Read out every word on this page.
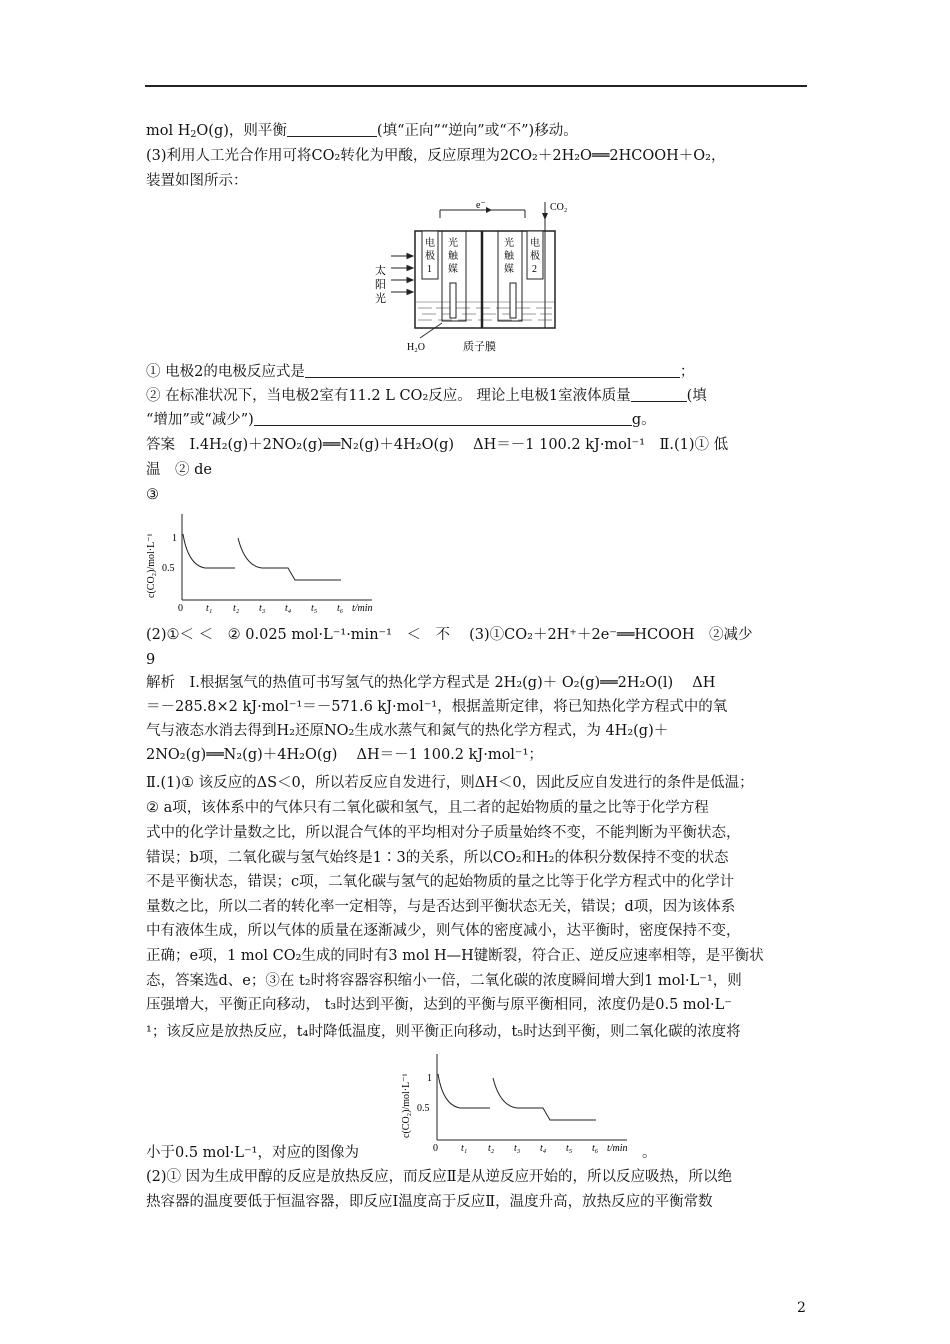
mol $H_2O(g)$，则平衡	(填“正向”“逆向”或“不”)移动。
(3)利用人工光合作用可将CO₂转化为甲酸，反应原理为2CO₂＋2H₂O══2HCOOH＋O₂，
装置如图所示：
e⁻	CO₂
电极 1
光触媒
光触媒
电极 2
太阳光
H₂O	质子膜
① 电极2的电极反应式是	；
② 在标准状况下，当电极2室有11.2 L CO₂反应。 理论上电极1室液体质量	(填
“增加”或“减少”)	g。
答案　Ⅰ.4H₂(g)＋2NO₂(g)══N₂(g)＋4H₂O(g)　 ΔH＝－1 100.2 kJ·mol⁻¹　Ⅱ.(1)① 低
温　② de
③
c(CO₂)/mol·L⁻¹ 1
0.5
0 t₁ t₂ t₃ t₄ t₅ t₆ t/min
(2)①＜ ＜　② 0.025 mol·L⁻¹·min⁻¹　＜　不　 (3)①CO₂＋2H⁺＋2e⁻══HCOOH　②减少
9
解析　Ⅰ.根据氢气的热值可书写氢气的热化学方程式是 2H₂(g)＋ O₂(g)══2H₂O(l)　 ΔH
＝－285.8×2 kJ·mol⁻¹＝－571.6 kJ·mol⁻¹，根据盖斯定律，将已知热化学方程式中的氧
气与液态水消去得到H₂还原NO₂生成水蒸气和氮气的热化学方程式，为 4H₂(g)＋
2NO₂(g)══N₂(g)＋4H₂O(g)　 ΔH＝－1 100.2 kJ·mol⁻¹；
Ⅱ.(1)① 该反应的ΔS＜0，所以若反应自发进行，则ΔH＜0，因此反应自发进行的条件是低温；
② a项，该体系中的气体只有二氧化碳和氢气，且二者的起始物质的量之比等于化学方程
式中的化学计量数之比，所以混合气体的平均相对分子质量始终不变，不能判断为平衡状态，
错误；b项，二氧化碳与氢气始终是1∶3的关系，所以CO₂和H₂的体积分数保持不变的状态
不是平衡状态，错误；c项，二氧化碳与氢气的起始物质的量之比等于化学方程式中的化学计
量数之比，所以二者的转化率一定相等，与是否达到平衡状态无关，错误；d项，因为该体系
中有液体生成，所以气体的质量在逐渐减少，则气体的密度减小，达平衡时，密度保持不变，
正确；e项，1 mol CO₂生成的同时有3 mol H—H键断裂，符合正、逆反应速率相等，是平衡状
态，答案选d、e；③在 t₂时将容器容积缩小一倍，二氧化碳的浓度瞬间增大到1 mol·L⁻¹，则
压强增大，平衡正向移动， t₃时达到平衡，达到的平衡与原平衡相同，浓度仍是0.5 mol·L⁻
¹；该反应是放热反应，t₄时降低温度，则平衡正向移动，t₅时达到平衡，则二氧化碳的浓度将
c(CO₂)/mol·L⁻¹ 1
0.5
0 t₁ t₂ t₃ t₄ t₅ t₆ t/min
小于0.5 mol·L⁻¹，对应的图像为	。
(2)① 因为生成甲醇的反应是放热反应，而反应Ⅱ是从逆反应开始的，所以反应吸热，所以绝
热容器的温度要低于恒温容器，即反应Ⅰ温度高于反应Ⅱ，温度升高，放热反应的平衡常数
2
